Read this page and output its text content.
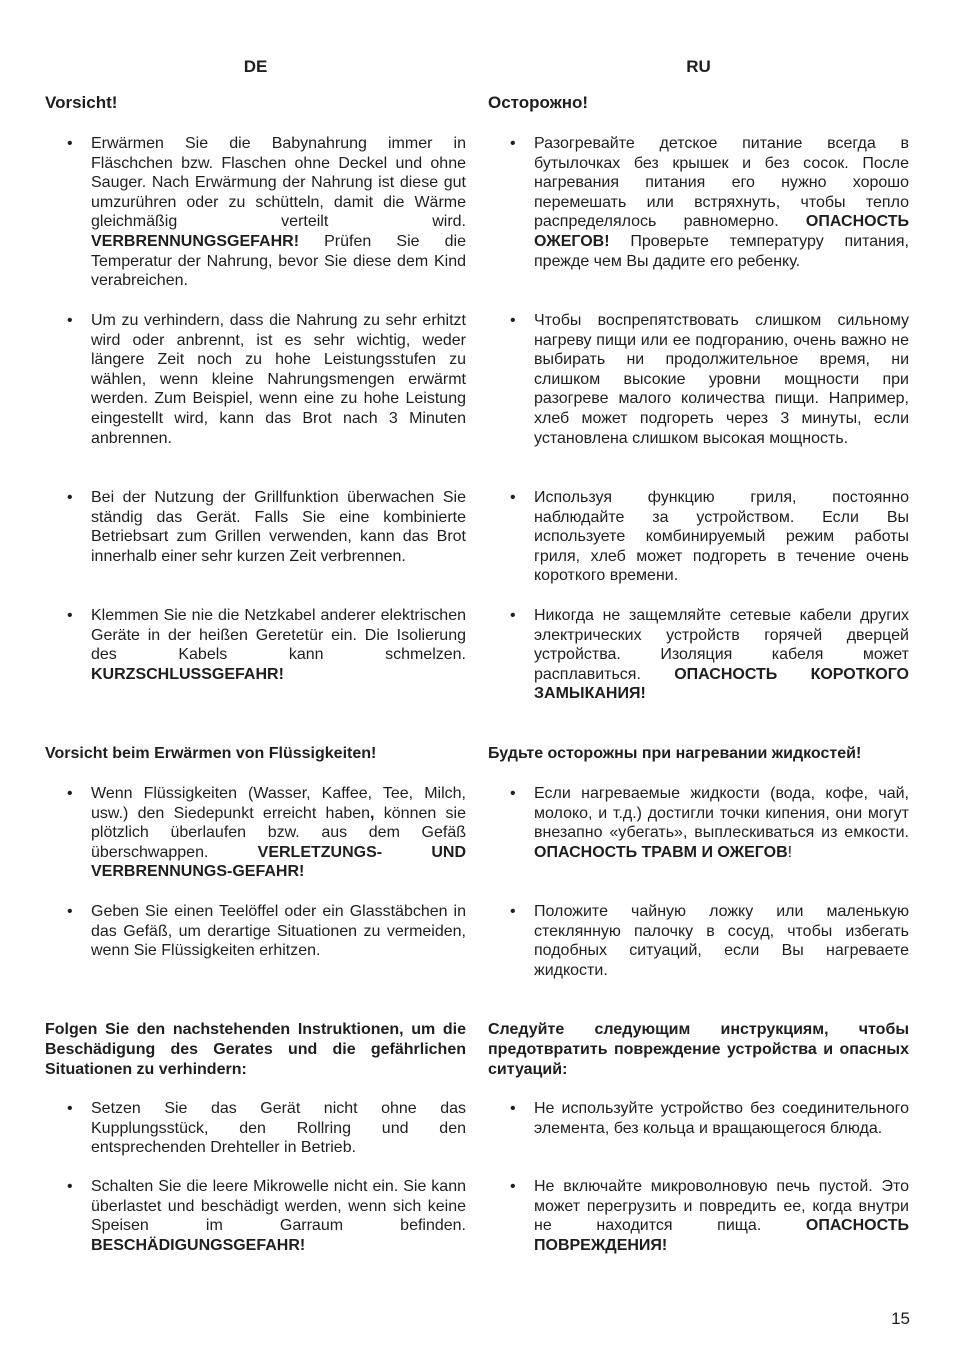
DE
Vorsicht!
• Erwärmen Sie die Babynahrung immer in Fläschchen bzw. Flaschen ohne Deckel und ohne Sauger. Nach Erwärmung der Nahrung ist diese gut umzurühren oder zu schütteln, damit die Wärme gleichmäßig verteilt wird. VERBRENNUNGSGEFAHR! Prüfen Sie die Temperatur der Nahrung, bevor Sie diese dem Kind verabreichen.
• Um zu verhindern, dass die Nahrung zu sehr erhitzt wird oder anbrennt, ist es sehr wichtig, weder längere Zeit noch zu hohe Leistungsstufen zu wählen, wenn kleine Nahrungsmengen erwärmt werden. Zum Beispiel, wenn eine zu hohe Leistung eingestellt wird, kann das Brot nach 3 Minuten anbrennen.
• Bei der Nutzung der Grillfunktion überwachen Sie ständig das Gerät. Falls Sie eine kombinierte Betriebsart zum Grillen verwenden, kann das Brot innerhalb einer sehr kurzen Zeit verbrennen.
• Klemmen Sie nie die Netzkabel anderer elektrischen Geräte in der heißen Geretetür ein. Die Isolierung des Kabels kann schmelzen. KURZSCHLUSSGEFAHR!
Vorsicht beim Erwärmen von Flüssigkeiten!
• Wenn Flüssigkeiten (Wasser, Kaffee, Tee, Milch, usw.) den Siedepunkt erreicht haben, können sie plötzlich überlaufen bzw. aus dem Gefäß überschwappen. VERLETZUNGS- UND VERBRENNUNGS-GEFAHR!
• Geben Sie einen Teelöffel oder ein Glasstäbchen in das Gefäß, um derartige Situationen zu vermeiden, wenn Sie Flüssigkeiten erhitzen.
Folgen Sie den nachstehenden Instruktionen, um die Beschädigung des Gerates und die gefährlichen Situationen zu verhindern:
• Setzen Sie das Gerät nicht ohne das Kupplungsstück, den Rollring und den entsprechenden Drehteller in Betrieb.
• Schalten Sie die leere Mikrowelle nicht ein. Sie kann überlastet und beschädigt werden, wenn sich keine Speisen im Garraum befinden. BESCHÄDIGUNGSGEFAHR!
RU
Осторожно!
• Разогревайте детское питание всегда в бутылочках без крышек и без сосок. После нагревания питания его нужно хорошо перемешать или встряхнуть, чтобы тепло распределялось равномерно. ОПАСНОСТЬ ОЖЕГОВ! Проверьте температуру питания, прежде чем Вы дадите его ребенку.
• Чтобы воспрепятствовать слишком сильному нагреву пищи или ее подгоранию, очень важно не выбирать ни продолжительное время, ни слишком высокие уровни мощности при разогреве малого количества пищи. Например, хлеб может подгореть через 3 минуты, если установлена слишком высокая мощность.
• Используя функцию гриля, постоянно наблюдайте за устройством. Если Вы используете комбинируемый режим работы гриля, хлеб может подгореть в течение очень короткого времени.
• Никогда не защемляйте сетевые кабели других электрических устройств горячей дверцей устройства. Изоляция кабеля может расплавиться. ОПАСНОСТЬ КОРОТКОГО ЗАМЫКАНИЯ!
Будьте осторожны при нагревании жидкостей!
• Если нагреваемые жидкости (вода, кофе, чай, молоко, и т.д.) достигли точки кипения, они могут внезапно «убегать», выплескиваться из емкости. ОПАСНОСТЬ ТРАВМ И ОЖЕГОВ!
• Положите чайную ложку или маленькую стеклянную палочку в сосуд, чтобы избегать подобных ситуаций, если Вы нагреваете жидкости.
Следуйте следующим инструкциям, чтобы предотвратить повреждение устройства и опасных ситуаций:
• Не используйте устройство без соединительного элемента, без кольца и вращающегося блюда.
• Не включайте микроволновую печь пустой. Это может перегрузить и повредить ее, когда внутри не находится пища. ОПАСНОСТЬ ПОВРЕЖДЕНИЯ!
15
